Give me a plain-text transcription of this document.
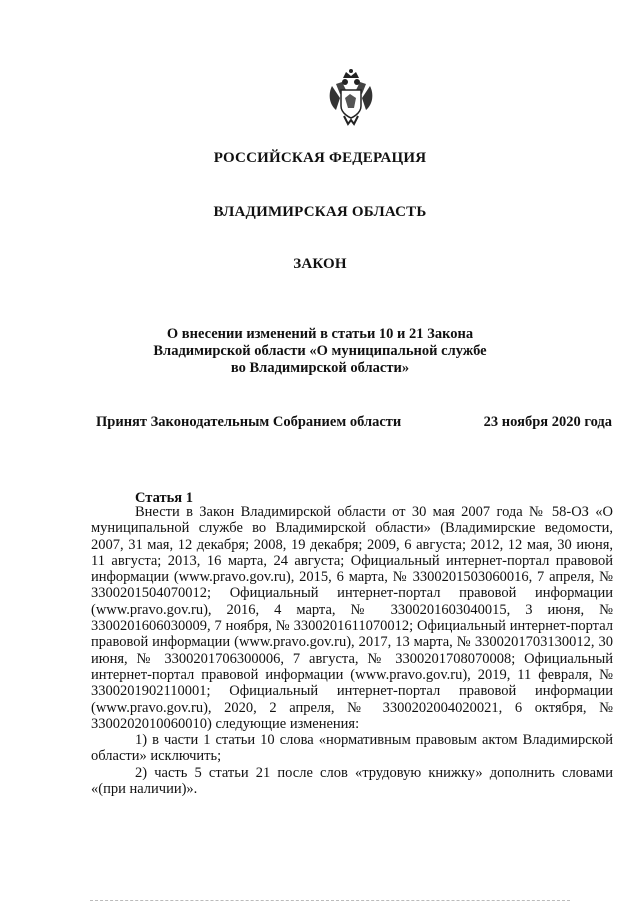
РОССИЙСКАЯ ФЕДЕРАЦИЯ

ВЛАДИМИРСКАЯ ОБЛАСТЬ

ЗАКОН

О внесении изменений в статьи 10 и 21 Закона
Владимирской области «О муниципальной службе
во Владимирской области»
Принят Законодательным Собранием области	23 ноября 2020 года

Статья 1

Внести в Закон Владимирской области от 30 мая 2007 года № 58-ОЗ «О муниципальной службе во Владимирской области» (Владимирские ведомости, 2007, 31 мая, 12 декабря; 2008, 19 декабря; 2009, 6 августа; 2012, 12 мая, 30 июня, 11 августа; 2013, 16 марта, 24 августа; Официальный интернет-портал правовой информации (www.pravo.gov.ru), 2015, 6 марта, № 3300201503060016, 7 апреля, № 3300201504070012; Официальный интернет-портал правовой информации (www.pravo.gov.ru), 2016, 4 марта, № 3300201603040015, 3 июня, № 3300201606030009, 7 ноября, № 3300201611070012; Официальный интернет-портал правовой информации (www.pravo.gov.ru), 2017, 13 марта, № 3300201703130012, 30 июня, № 3300201706300006, 7 августа, № 3300201708070008; Официальный интернет-портал правовой информации (www.pravo.gov.ru), 2019, 11 февраля, № 3300201902110001; Официальный интернет-портал правовой информации (www.pravo.gov.ru), 2020, 2 апреля, № 3300202004020021, 6 октября, № 3300202010060010) следующие изменения:

1) в части 1 статьи 10 слова «нормативным правовым актом Владимирской области» исключить;

2) часть 5 статьи 21 после слов «трудовую книжку» дополнить словами «(при наличии)».
